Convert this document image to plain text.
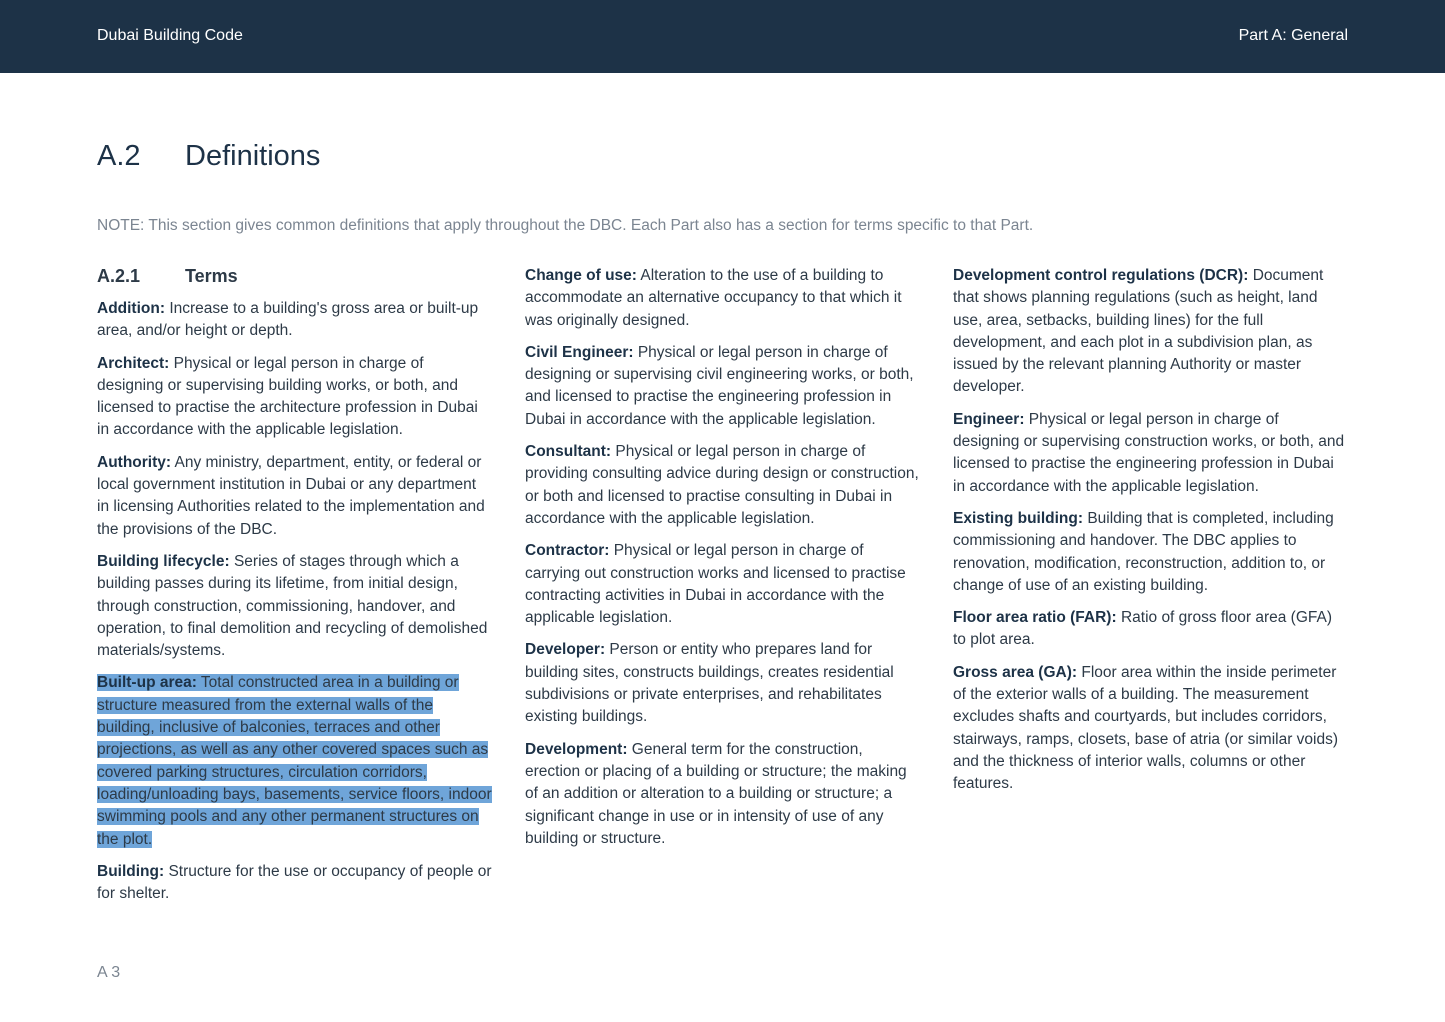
Dubai Building Code	Part A: General
A.2 Definitions
NOTE: This section gives common definitions that apply throughout the DBC. Each Part also has a section for terms specific to that Part.
A.2.1 Terms
Addition: Increase to a building's gross area or built-up area, and/or height or depth.
Architect: Physical or legal person in charge of designing or supervising building works, or both, and licensed to practise the architecture profession in Dubai in accordance with the applicable legislation.
Authority: Any ministry, department, entity, or federal or local government institution in Dubai or any department in licensing Authorities related to the implementation and the provisions of the DBC.
Building lifecycle: Series of stages through which a building passes during its lifetime, from initial design, through construction, commissioning, handover, and operation, to final demolition and recycling of demolished materials/systems.
Built-up area: Total constructed area in a building or structure measured from the external walls of the building, inclusive of balconies, terraces and other projections, as well as any other covered spaces such as covered parking structures, circulation corridors, loading/unloading bays, basements, service floors, indoor swimming pools and any other permanent structures on the plot.
Building: Structure for the use or occupancy of people or for shelter.
Change of use: Alteration to the use of a building to accommodate an alternative occupancy to that which it was originally designed.
Civil Engineer: Physical or legal person in charge of designing or supervising civil engineering works, or both, and licensed to practise the engineering profession in Dubai in accordance with the applicable legislation.
Consultant: Physical or legal person in charge of providing consulting advice during design or construction, or both and licensed to practise consulting in Dubai in accordance with the applicable legislation.
Contractor: Physical or legal person in charge of carrying out construction works and licensed to practise contracting activities in Dubai in accordance with the applicable legislation.
Developer: Person or entity who prepares land for building sites, constructs buildings, creates residential subdivisions or private enterprises, and rehabilitates existing buildings.
Development: General term for the construction, erection or placing of a building or structure; the making of an addition or alteration to a building or structure; a significant change in use or in intensity of use of any building or structure.
Development control regulations (DCR): Document that shows planning regulations (such as height, land use, area, setbacks, building lines) for the full development, and each plot in a subdivision plan, as issued by the relevant planning Authority or master developer.
Engineer: Physical or legal person in charge of designing or supervising construction works, or both, and licensed to practise the engineering profession in Dubai in accordance with the applicable legislation.
Existing building: Building that is completed, including commissioning and handover. The DBC applies to renovation, modification, reconstruction, addition to, or change of use of an existing building.
Floor area ratio (FAR): Ratio of gross floor area (GFA) to plot area.
Gross area (GA): Floor area within the inside perimeter of the exterior walls of a building. The measurement excludes shafts and courtyards, but includes corridors, stairways, ramps, closets, base of atria (or similar voids) and the thickness of interior walls, columns or other features.
A 3
